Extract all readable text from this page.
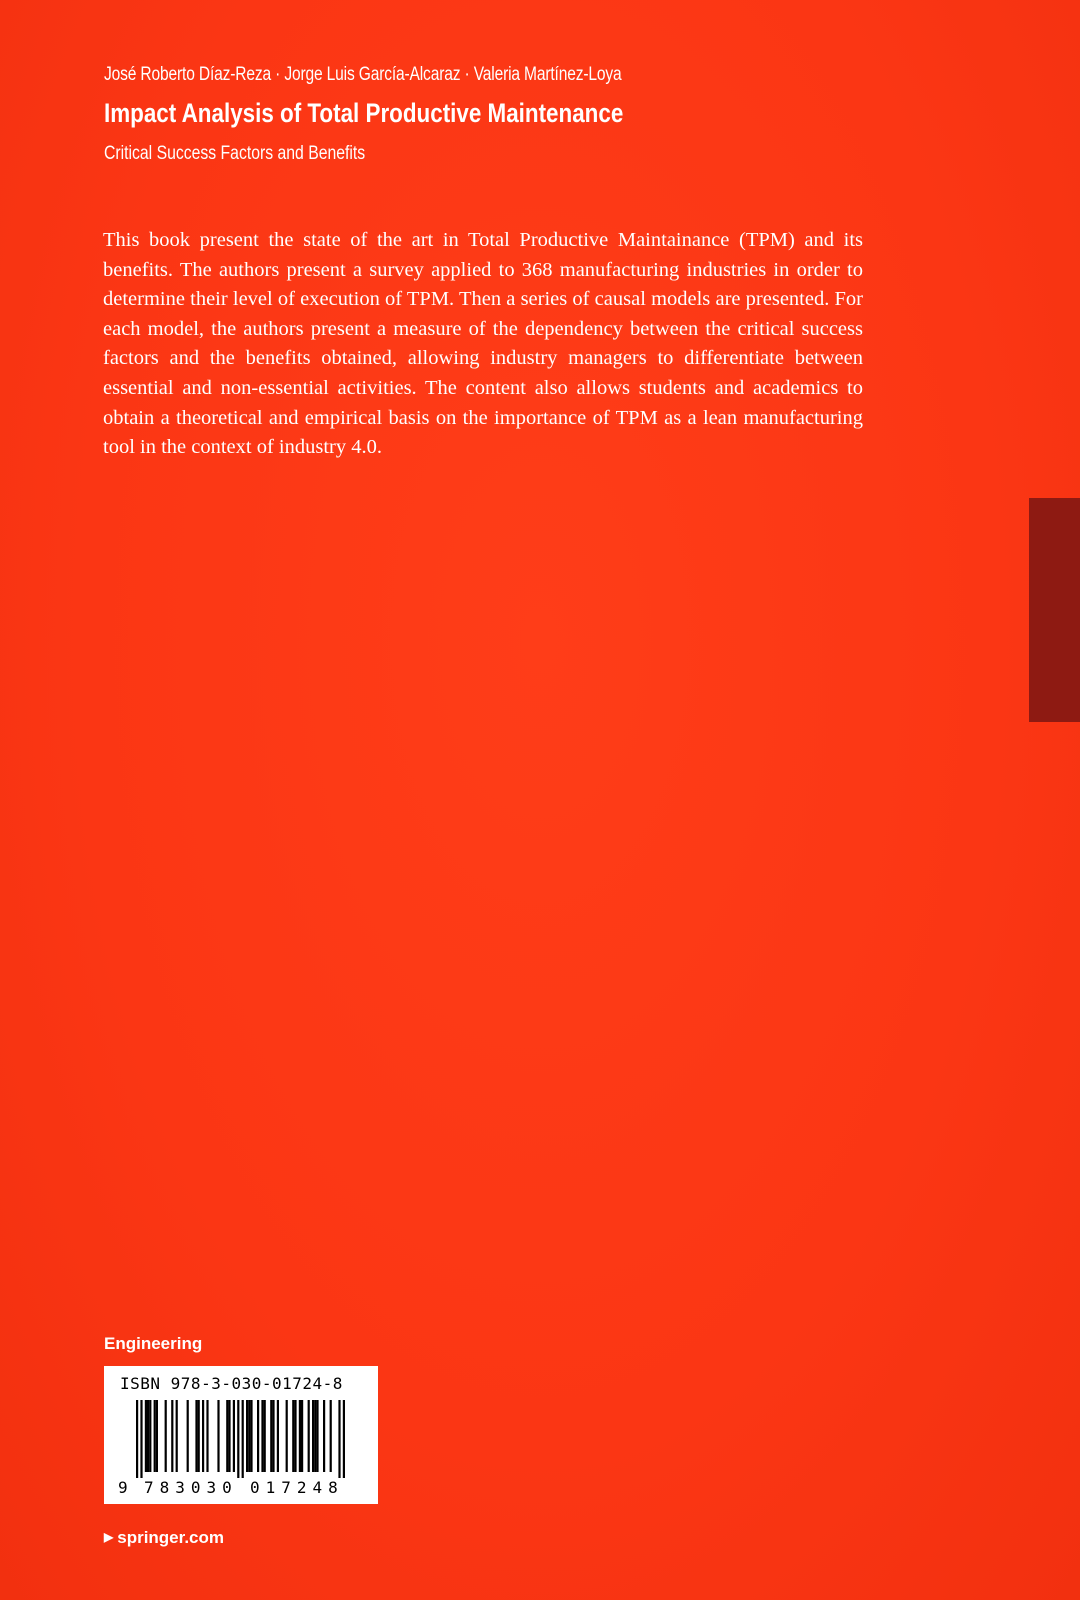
José Roberto Díaz-Reza · Jorge Luis García-Alcaraz · Valeria Martínez-Loya
Impact Analysis of Total Productive Maintenance
Critical Success Factors and Benefits

This book present the state of the art in Total Productive Maintainance (TPM) and its benefits. The authors present a survey applied to 368 manufacturing industries in order to determine their level of execution of TPM. Then a series of causal models are presented. For each model, the authors present a measure of the dependency between the critical success factors and the benefits obtained, allowing industry managers to differentiate between essential and non-essential activities. The content also allows students and academics to obtain a theoretical and empirical basis on the importance of TPM as a lean manufacturing tool in the context of industry 4.0.

Engineering
ISBN 978-3-030-01724-8
9 783030 017248
▶ springer.com
